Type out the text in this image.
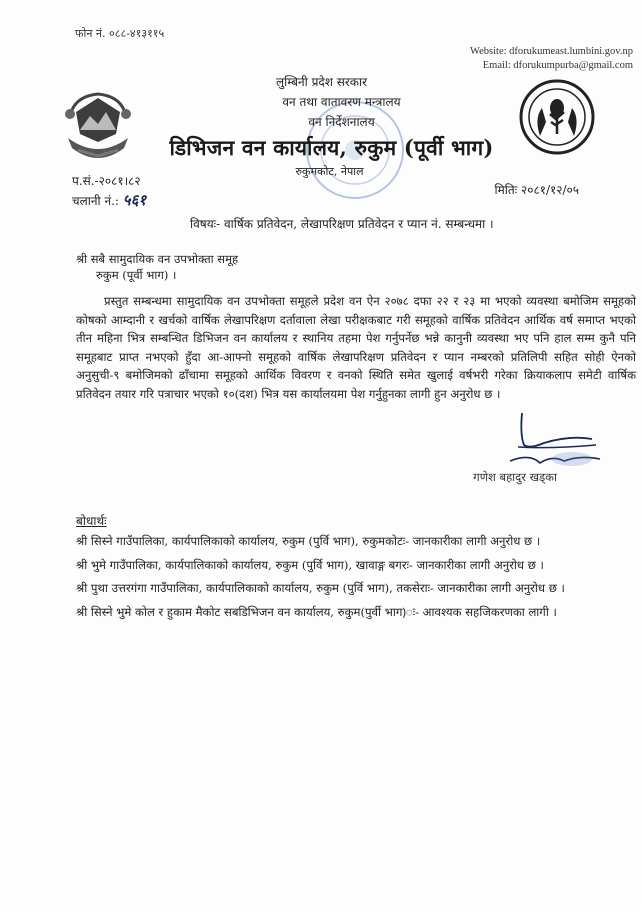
फोन नं. ०८८-४१३११५
Website: dforukumeast.lumbini.gov.np
Email: dforukumpurba@gmail.com
लुम्बिनी प्रदेश सरकार
वन तथा वातावरण मन्त्रालय
वन निर्देशनालय
डिभिजन वन कार्यालय, रुकुम (पूर्वी भाग)
रुकुमकोट, नेपाल
प.सं.-२०८१।८२
चलानी नं.: ५६१
मितिः २०८१/१२/०५
विषयः- वार्षिक प्रतिवेदन, लेखापरिक्षण प्रतिवेदन र प्यान नं. सम्बन्धमा ।
श्री सबै सामुदायिक वन उपभोक्ता समूह
रुकुम (पूर्वी भाग) ।
प्रस्तुत सम्बन्धमा सामुदायिक वन उपभोक्ता समूहले प्रदेश वन ऐन २०७८ दफा २२ र २३ मा भएको व्यवस्था बमोजिम समूहको कोषको आम्दानी र खर्चको वार्षिक लेखापरिक्षण दर्तावाला लेखा परीक्षकबाट गरी समूहको वार्षिक प्रतिवेदन आर्थिक वर्ष समाप्त भएको तीन महिना भित्र सम्बन्धित डिभिजन वन कार्यालय र स्थानिय तहमा पेश गर्नुपर्नेछ भन्ने कानुनी व्यवस्था भए पनि हाल सम्म कुनै पनि समूहबाट प्राप्त नभएको हुँदा आ-आफ्नो समूहको वार्षिक लेखापरिक्षण प्रतिवेदन र प्यान नम्बरको प्रतिलिपी सहित सोही ऐनको अनुसुची-९ बमोजिमको ढाँचामा समूहको आर्थिक विवरण र वनको स्थिति समेत खुलाई वर्षभरी गरेका क्रियाकलाप समेटी वार्षिक प्रतिवेदन तयार गरि पत्राचार भएको १०(दश) भित्र यस कार्यालयमा पेश गर्नुहुनका लागी हुन अनुरोध छ ।
गणेश बहादुर खड्का
बोधार्थः
श्री सिस्ने गाउँपालिका, कार्यपालिकाको कार्यालय, रुकुम (पुर्वि भाग), रुकुमकोटः- जानकारीका लागी अनुरोध छ ।
श्री भुमे गाउँपालिका, कार्यपालिकाको कार्यालय, रुकुम (पुर्वि भाग), खावाङ्ग बगरः- जानकारीका लागी अनुरोध छ ।
श्री पुथा उत्तरगंगा गाउँपालिका, कार्यपालिकाको कार्यालय, रुकुम (पुर्वि भाग), तकसेराः- जानकारीका लागी अनुरोध छ ।
श्री सिस्ने भुमे कोल र हुकाम मैकोट सबडिभिजन वन कार्यालय, रुकुम(पुर्वी भाग)ः- आवश्यक सहजिकरणका लागी ।
